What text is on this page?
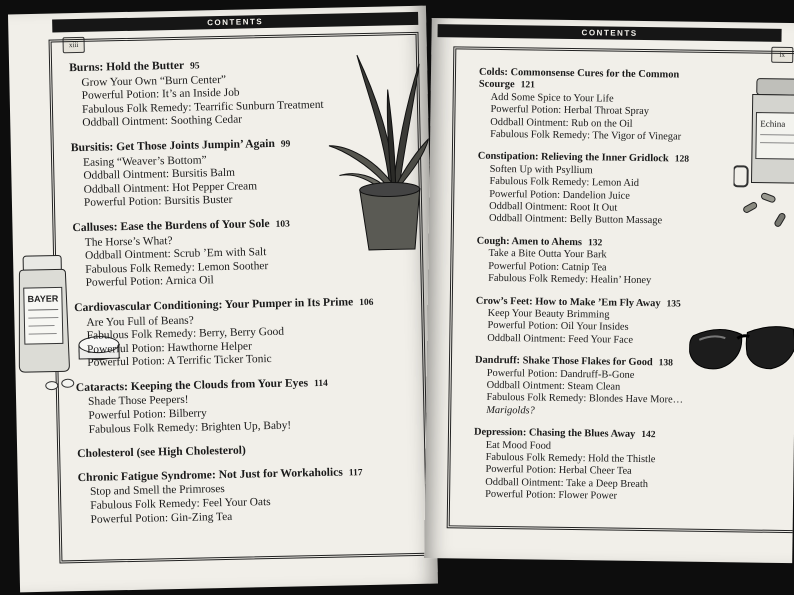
CONTENTS
xiii
BAYER
Burns: Hold the Butter 95
Grow Your Own “Burn Center”
Powerful Potion: It’s an Inside Job
Fabulous Folk Remedy: Tearrific Sunburn Treatment
Oddball Ointment: Soothing Cedar
Bursitis: Get Those Joints Jumpin’ Again 99
Easing “Weaver’s Bottom”
Oddball Ointment: Bursitis Balm
Oddball Ointment: Hot Pepper Cream
Powerful Potion: Bursitis Buster
Calluses: Ease the Burdens of Your Sole 103
The Horse’s What?
Oddball Ointment: Scrub ’Em with Salt
Fabulous Folk Remedy: Lemon Soother
Powerful Potion: Arnica Oil
Cardiovascular Conditioning: Your Pumper in Its Prime 106
Are You Full of Beans?
Fabulous Folk Remedy: Berry, Berry Good
Powerful Potion: Hawthorne Helper
Powerful Potion: A Terrific Ticker Tonic
Cataracts: Keeping the Clouds from Your Eyes 114
Shade Those Peepers!
Powerful Potion: Bilberry
Fabulous Folk Remedy: Brighten Up, Baby!
Cholesterol (see High Cholesterol)
Chronic Fatigue Syndrome: Not Just for Workaholics 117
Stop and Smell the Primroses
Fabulous Folk Remedy: Feel Your Oats
Powerful Potion: Gin-Zing Tea
CONTENTS
ix
Echina
Colds: Commonsense Cures for the Common Scourge 121
Add Some Spice to Your Life
Powerful Potion: Herbal Throat Spray
Oddball Ointment: Rub on the Oil
Fabulous Folk Remedy: The Vigor of Vinegar
Constipation: Relieving the Inner Gridlock 128
Soften Up with Psyllium
Fabulous Folk Remedy: Lemon Aid
Powerful Potion: Dandelion Juice
Oddball Ointment: Root It Out
Oddball Ointment: Belly Button Massage
Cough: Amen to Ahems 132
Take a Bite Outta Your Bark
Powerful Potion: Catnip Tea
Fabulous Folk Remedy: Healin’ Honey
Crow’s Feet: How to Make ’Em Fly Away 135
Keep Your Beauty Brimming
Powerful Potion: Oil Your Insides
Oddball Ointment: Feed Your Face
Dandruff: Shake Those Flakes for Good 138
Powerful Potion: Dandruff-B-Gone
Oddball Ointment: Steam Clean
Fabulous Folk Remedy: Blondes Have More…Marigolds?
Depression: Chasing the Blues Away 142
Eat Mood Food
Fabulous Folk Remedy: Hold the Thistle
Powerful Potion: Herbal Cheer Tea
Oddball Ointment: Take a Deep Breath
Powerful Potion: Flower Power
